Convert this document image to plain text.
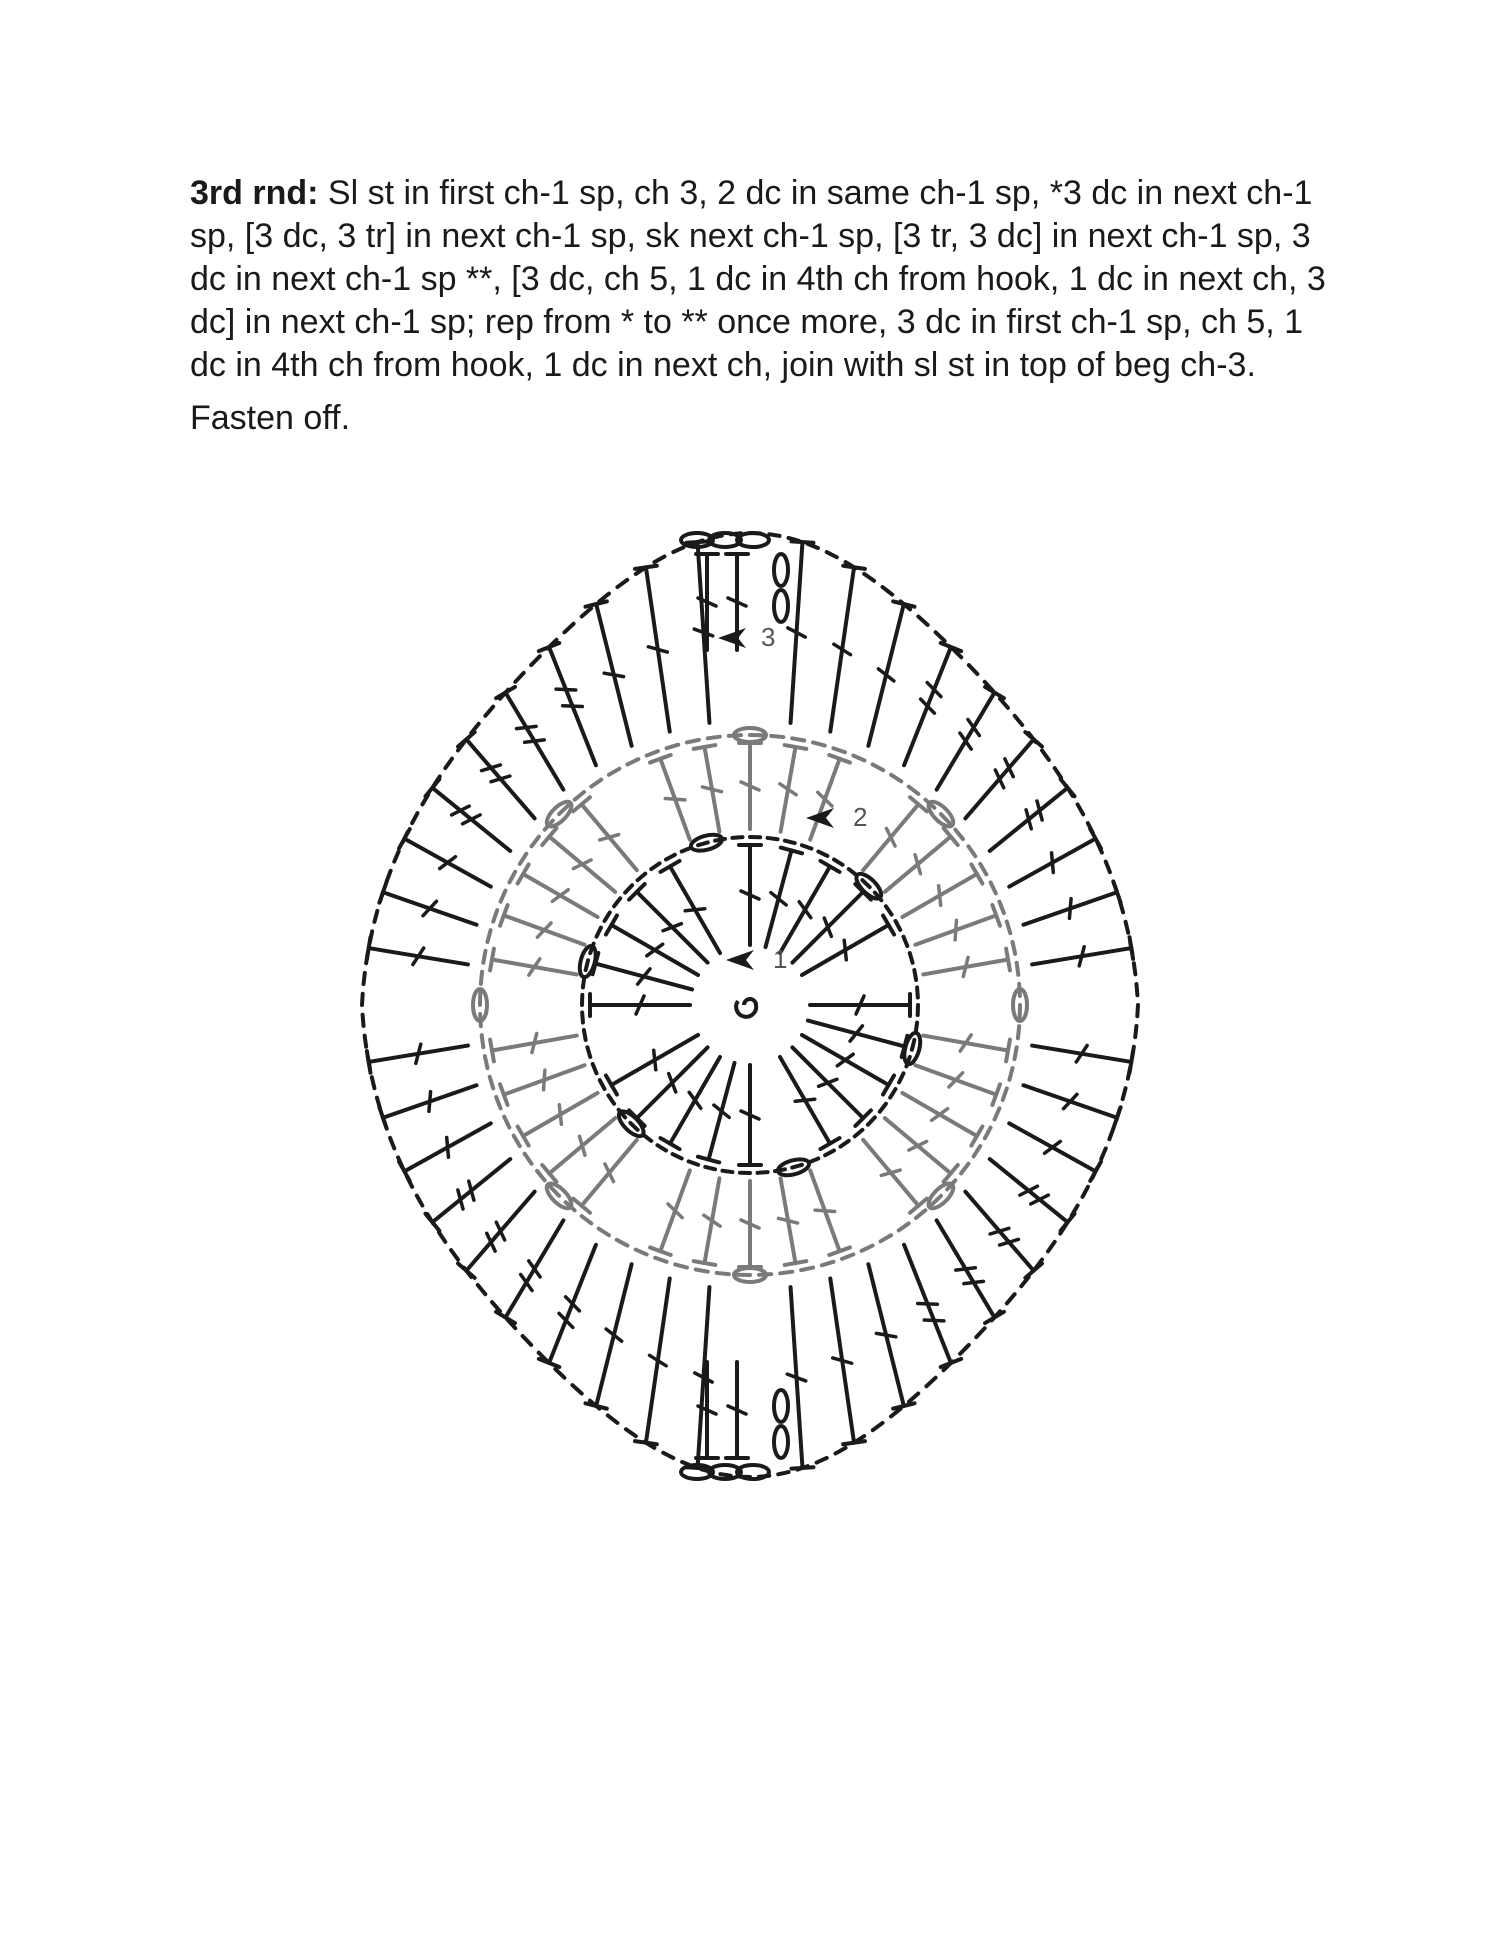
3rd rnd: Sl st in first ch-1 sp, ch 3, 2 dc in same ch-1 sp, *3 dc in next ch-1 sp, [3 dc, 3 tr] in next ch-1 sp, sk next ch-1 sp, [3 tr, 3 dc] in next ch-1 sp, 3 dc in next ch-1 sp **, [3 dc, ch 5, 1 dc in 4th ch from hook, 1 dc in next ch, 3 dc] in next ch-1 sp; rep from * to ** once more, 3 dc in first ch-1 sp, ch 5, 1 dc in 4th ch from hook, 1 dc in next ch, join with sl st in top of beg ch-3.

Fasten off.

1
2
3
